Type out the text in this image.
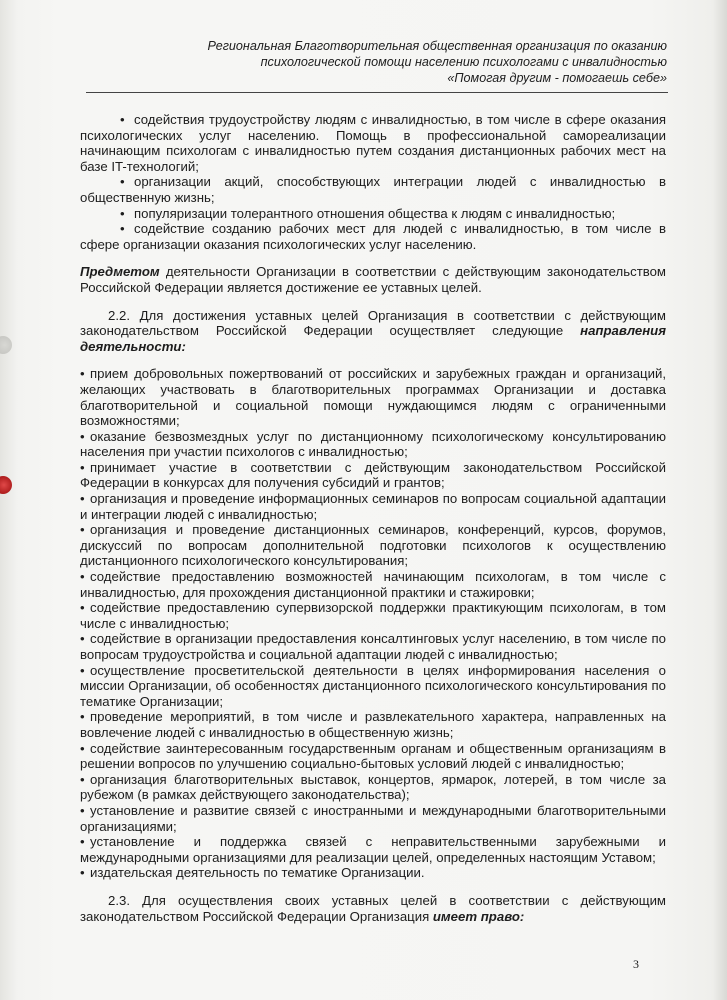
Региональная Благотворительная общественная организация по оказанию
психологической помощи населению психологами с инвалидностью
«Помогая другим - помогаешь себе»

• содействия трудоустройству людям с инвалидностью, в том числе в сфере оказания психологических услуг населению. Помощь в профессиональной самореализации начинающим психологам с инвалидностью путем создания дистанционных рабочих мест на базе IT-технологий;

• организации акций, способствующих интеграции людей с инвалидностью в общественную жизнь;

• популяризации толерантного отношения общества к людям с инвалидностью;

• содействие созданию рабочих мест для людей с инвалидностью, в том числе в сфере организации оказания психологических услуг населению.

Предметом деятельности Организации в соответствии с действующим законодательством Российской Федерации является достижение ее уставных целей.

2.2. Для достижения уставных целей Организация в соответствии с действующим законодательством Российской Федерации осуществляет следующие направления деятельности:

• прием добровольных пожертвований от российских и зарубежных граждан и организаций, желающих участвовать в благотворительных программах Организации и доставка благотворительной и социальной помощи нуждающимся людям с ограниченными возможностями;

• оказание безвозмездных услуг по дистанционному психологическому консультированию населения при участии психологов с инвалидностью;

• принимает участие в соответствии с действующим законодательством Российской Федерации в конкурсах для получения субсидий и грантов;

• организация и проведение информационных семинаров по вопросам социальной адаптации и интеграции людей с инвалидностью;

• организация и проведение дистанционных семинаров, конференций, курсов, форумов, дискуссий по вопросам дополнительной подготовки психологов к осуществлению дистанционного психологического консультирования;

• содействие предоставлению возможностей начинающим психологам, в том числе с инвалидностью, для прохождения дистанционной практики и стажировки;

• содействие предоставлению супервизорской поддержки практикующим психологам, в том числе с инвалидностью;

• содействие в организации предоставления консалтинговых услуг населению, в том числе по вопросам трудоустройства и социальной адаптации людей с инвалидностью;

• осуществление просветительской деятельности в целях информирования населения о миссии Организации, об особенностях дистанционного психологического консультирования по тематике Организации;

• проведение мероприятий, в том числе и развлекательного характера, направленных на вовлечение людей с инвалидностью в общественную жизнь;

• содействие заинтересованным государственным органам и общественным организациям в решении вопросов по улучшению социально-бытовых условий людей с инвалидностью;

• организация благотворительных выставок, концертов, ярмарок, лотерей, в том числе за рубежом (в рамках действующего законодательства);

• установление и развитие связей с иностранными и международными благотворительными организациями;

• установление и поддержка связей с неправительственными зарубежными и международными организациями для реализации целей, определенных настоящим Уставом;

• издательская деятельность по тематике Организации.

2.3. Для осуществления своих уставных целей в соответствии с действующим законодательством Российской Федерации Организация имеет право:

3
